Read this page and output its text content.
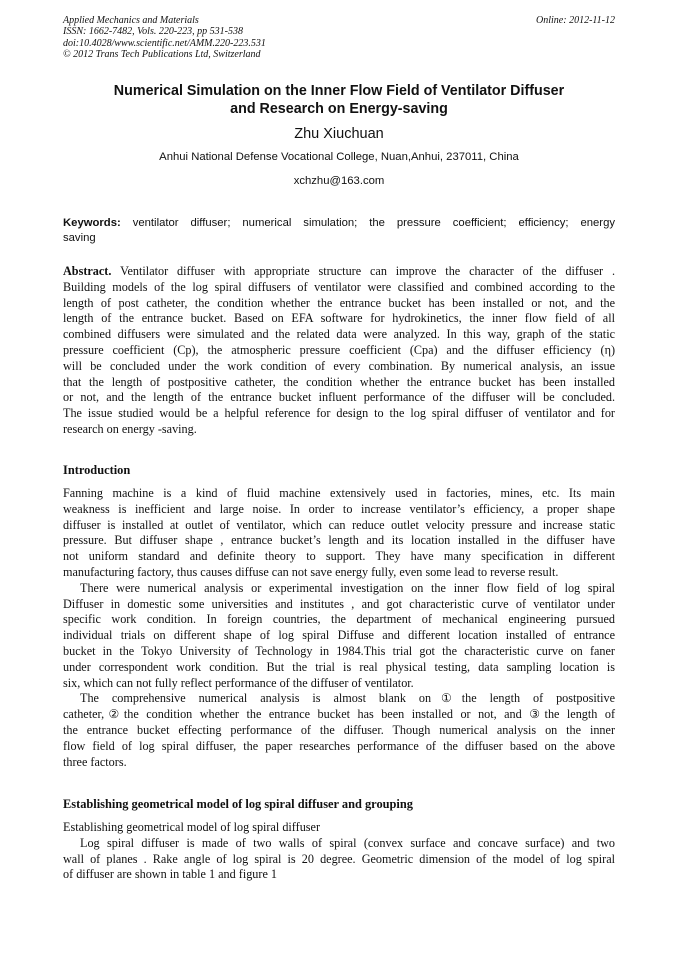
Applied Mechanics and Materials
ISSN: 1662-7482, Vols. 220-223, pp 531-538
doi:10.4028/www.scientific.net/AMM.220-223.531
© 2012 Trans Tech Publications Ltd, Switzerland
Online: 2012-11-12
Numerical Simulation on the Inner Flow Field of Ventilator Diffuser
and Research on Energy-saving
Zhu Xiuchuan
Anhui National Defense Vocational College, Nuan,Anhui, 237011, China
xchzhu@163.com
Keywords: ventilator diffuser; numerical simulation; the pressure coefficient; efficiency; energy
saving
Abstract. Ventilator diffuser with appropriate structure can improve the character of the diffuser .
Building models of the log spiral diffusers of ventilator were classified and combined according to the
length of post catheter, the condition whether the entrance bucket has been installed or not, and the
length of the entrance bucket. Based on EFA software for hydrokinetics, the inner flow field of all
combined diffusers were simulated and the related data were analyzed. In this way, graph of the static
pressure coefficient (Cp), the atmospheric pressure coefficient (Cpa) and the diffuser efficiency (η)
will be concluded under the work condition of every combination. By numerical analysis, an issue
that the length of postpositive catheter, the condition whether the entrance bucket has been installed
or not, and the length of the entrance bucket influent performance of the diffuser will be concluded.
The issue studied would be a helpful reference for design to the log spiral diffuser of ventilator and for
research on energy -saving.
Introduction
Fanning machine is a kind of fluid machine extensively used in factories, mines, etc. Its main
weakness is inefficient and large noise. In order to increase ventilator’s efficiency, a proper shape
diffuser is installed at outlet of ventilator, which can reduce outlet velocity pressure and increase static
pressure. But diffuser shape , entrance bucket’s length and its location installed in the diffuser have
not uniform standard and definite theory to support. They have many specification in different
manufacturing factory, thus causes diffuse can not save energy fully, even some lead to reverse result.
There were numerical analysis or experimental investigation on the inner flow field of log spiral
Diffuser in domestic some universities and institutes , and got characteristic curve of ventilator under
specific work condition. In foreign countries, the department of mechanical engineering pursued
individual trials on different shape of log spiral Diffuse and different location installed of entrance
bucket in the Tokyo University of Technology in 1984.This trial got the characteristic curve on faner
under correspondent work condition. But the trial is real physical testing, data sampling location is
six, which can not fully reflect performance of the diffuser of ventilator.
The comprehensive numerical analysis is almost blank on①the length of postpositive
catheter,②the condition whether the entrance bucket has been installed or not, and ③the length of
the entrance bucket effecting performance of the diffuser. Though numerical analysis on the inner
flow field of log spiral diffuser, the paper researches performance of the diffuser based on the above
three factors.
Establishing geometrical model of log spiral diffuser and grouping
Establishing geometrical model of log spiral diffuser
Log spiral diffuser is made of two walls of spiral (convex surface and concave surface) and two
wall of planes . Rake angle of log spiral is 20 degree. Geometric dimension of the model of log spiral
of diffuser are shown in table 1 and figure 1
